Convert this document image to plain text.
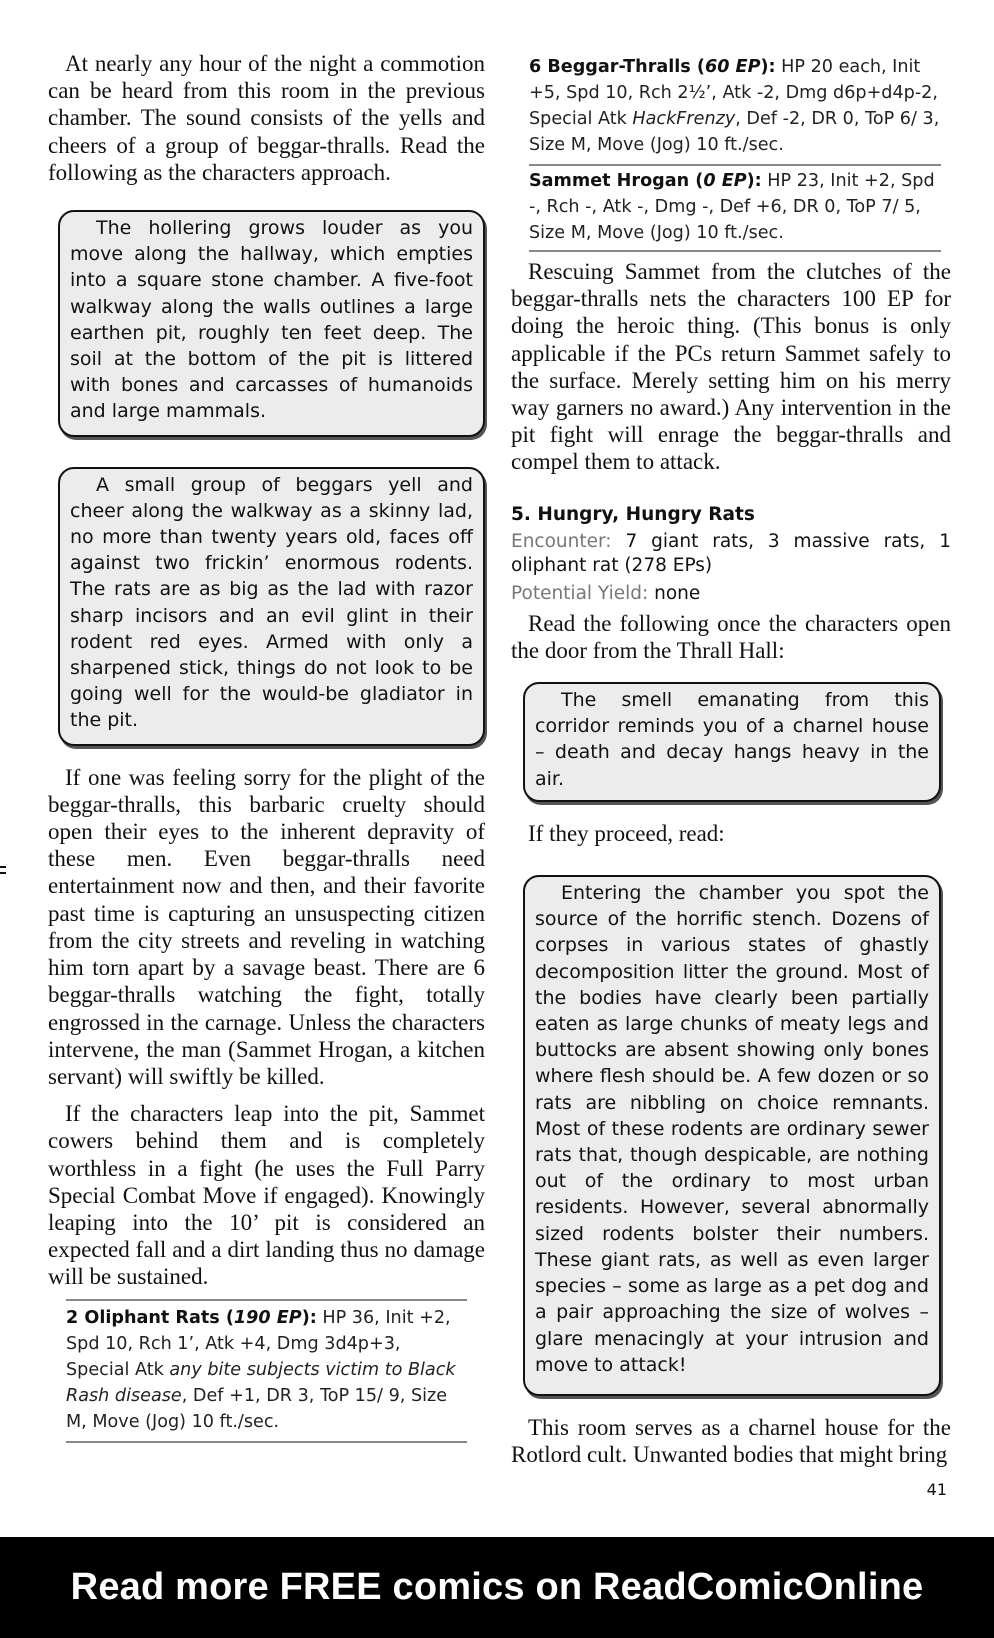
At nearly any hour of the night a commotion can be heard from this room in the previous chamber. The sound consists of the yells and cheers of a group of beggar-thralls. Read the following as the characters approach.

The hollering grows louder as you move along the hallway, which empties into a square stone chamber. A five-foot walkway along the walls outlines a large earthen pit, roughly ten feet deep. The soil at the bottom of the pit is littered with bones and carcasses of humanoids and large mammals.
A small group of beggars yell and cheer along the walkway as a skinny lad, no more than twenty years old, faces off against two frickin’ enormous rodents. The rats are as big as the lad with razor sharp incisors and an evil glint in their rodent red eyes. Armed with only a sharpened stick, things do not look to be going well for the would-be gladiator in the pit.

If one was feeling sorry for the plight of the beggar-thralls, this barbaric cruelty should open their eyes to the inherent depravity of these men. Even beggar-thralls need entertainment now and then, and their favorite past time is capturing an unsuspecting citizen from the city streets and reveling in watching him torn apart by a savage beast. There are 6 beggar-thralls watching the fight, totally engrossed in the carnage. Unless the characters intervene, the man (Sammet Hrogan, a kitchen servant) will swiftly be killed.

If the characters leap into the pit, Sammet cowers behind them and is completely worthless in a fight (he uses the Full Parry Special Combat Move if engaged). Knowingly leaping into the 10’ pit is considered an expected fall and a dirt landing thus no damage will be sustained.

2 Oliphant Rats (190 EP): HP 36, Init +2, Spd 10, Rch 1’, Atk +4, Dmg 3d4p+3, Special Atk any bite subjects victim to Black Rash disease, Def +1, DR 3, ToP 15/ 9, Size M, Move (Jog) 10 ft./sec.

6 Beggar-Thralls (60 EP): HP 20 each, Init +5, Spd 10, Rch 2½’, Atk -2, Dmg d6p+d4p-2, Special Atk HackFrenzy, Def -2, DR 0, ToP 6/ 3, Size M, Move (Jog) 10 ft./sec.

Sammet Hrogan (0 EP): HP 23, Init +2, Spd -, Rch -, Atk -, Dmg -, Def +6, DR 0, ToP 7/ 5, Size M, Move (Jog) 10 ft./sec.

Rescuing Sammet from the clutches of the beggar-thralls nets the characters 100 EP for doing the heroic thing. (This bonus is only applicable if the PCs return Sammet safely to the surface. Merely setting him on his merry way garners no award.) Any intervention in the pit fight will enrage the beggar-thralls and compel them to attack.

5. Hungry, Hungry Rats

Encounter: 7 giant rats, 3 massive rats, 1 oliphant rat (278 EPs)

Potential Yield: none

Read the following once the characters open the door from the Thrall Hall:

The smell emanating from this corridor reminds you of a charnel house – death and decay hangs heavy in the air.

If they proceed, read:

Entering the chamber you spot the source of the horrific stench. Dozens of corpses in various states of ghastly decomposition litter the ground. Most of the bodies have clearly been partially eaten as large chunks of meaty legs and buttocks are absent showing only bones where flesh should be. A few dozen or so rats are nibbling on choice remnants. Most of these rodents are ordinary sewer rats that, though despicable, are nothing out of the ordinary to most urban residents. However, several abnormally sized rodents bolster their numbers. These giant rats, as well as even larger species – some as large as a pet dog and a pair approaching the size of wolves – glare menacingly at your intrusion and move to attack!

This room serves as a charnel house for the Rotlord cult. Unwanted bodies that might bring

41
Read more FREE comics on ReadComicOnline
